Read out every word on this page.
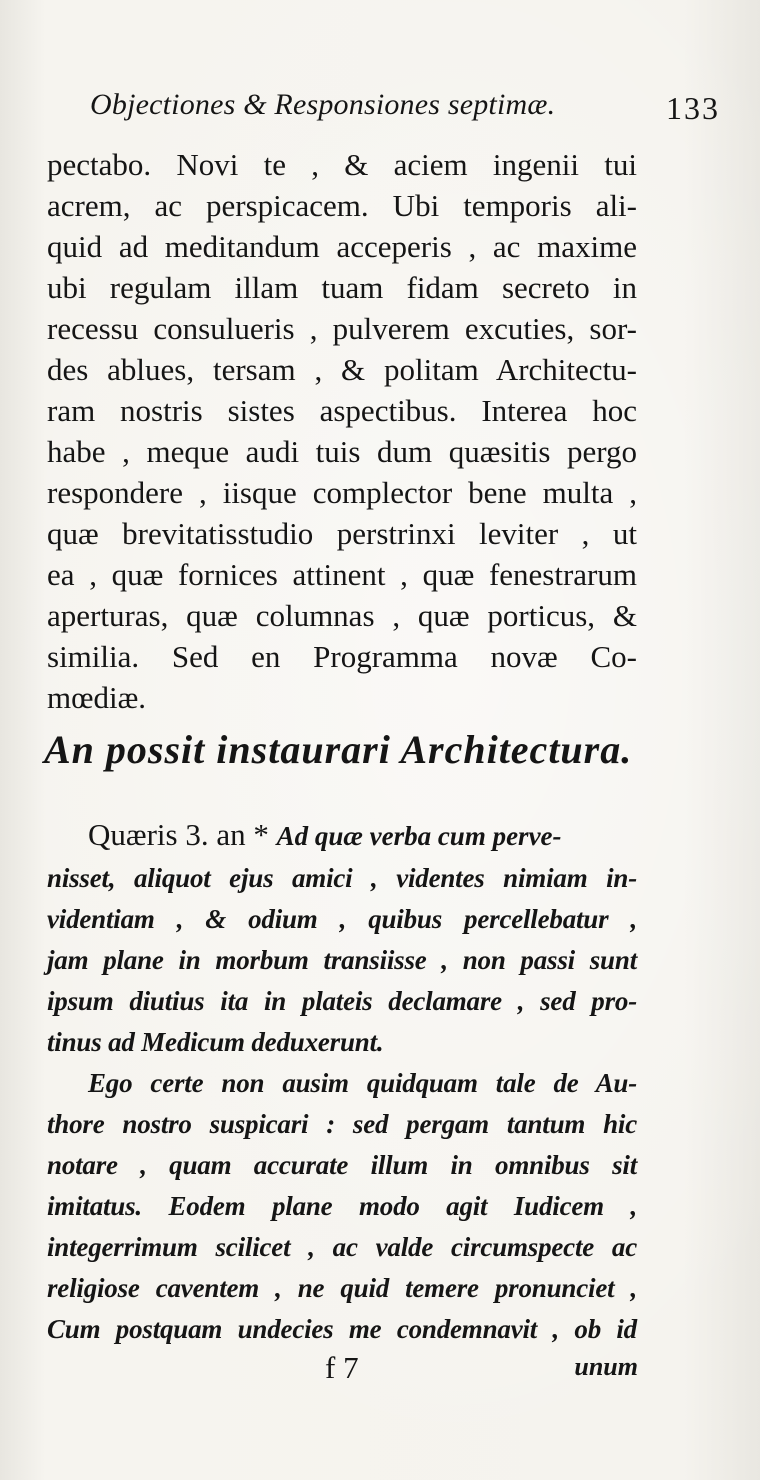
Objectiones & Responsiones septimæ.	133
pectabo. Novi te , & aciem ingenii tui
acrem, ac perspicacem. Ubi temporis ali-
quid ad meditandum acceperis , ac maxime
ubi regulam illam tuam fidam secreto in
recessu consulueris , pulverem excuties, sor-
des ablues, tersam , & politam Architectu-
ram nostris sistes aspectibus. Interea hoc
habe , meque audi tuis dum quæsitis pergo
respondere , iisque complector bene multa ,
quæ brevitatisstudio perstrinxi leviter , ut
ea , quæ fornices attinent , quæ fenestrarum
aperturas, quæ columnas , quæ porticus, &
similia. Sed en Programma novæ Co-
mœdiæ.
An possit instaurari Architectura.
Quæris 3. an * Ad quæ verba cum perve-
nisset, aliquot ejus amici , videntes nimiam in-
videntiam , & odium , quibus percellebatur ,
jam plane in morbum transiisse , non passi sunt
ipsum diutius ita in plateis declamare , sed pro-
tinus ad Medicum deduxerunt.
Ego certe non ausim quidquam tale de Au-
thore nostro suspicari : sed pergam tantum hic
notare , quam accurate illum in omnibus sit
imitatus. Eodem plane modo agit Iudicem ,
integerrimum scilicet , ac valde circumspecte ac
religiose caventem , ne quid temere pronunciet ,
Cum postquam undecies me condemnavit , ob id
f 7	unum
